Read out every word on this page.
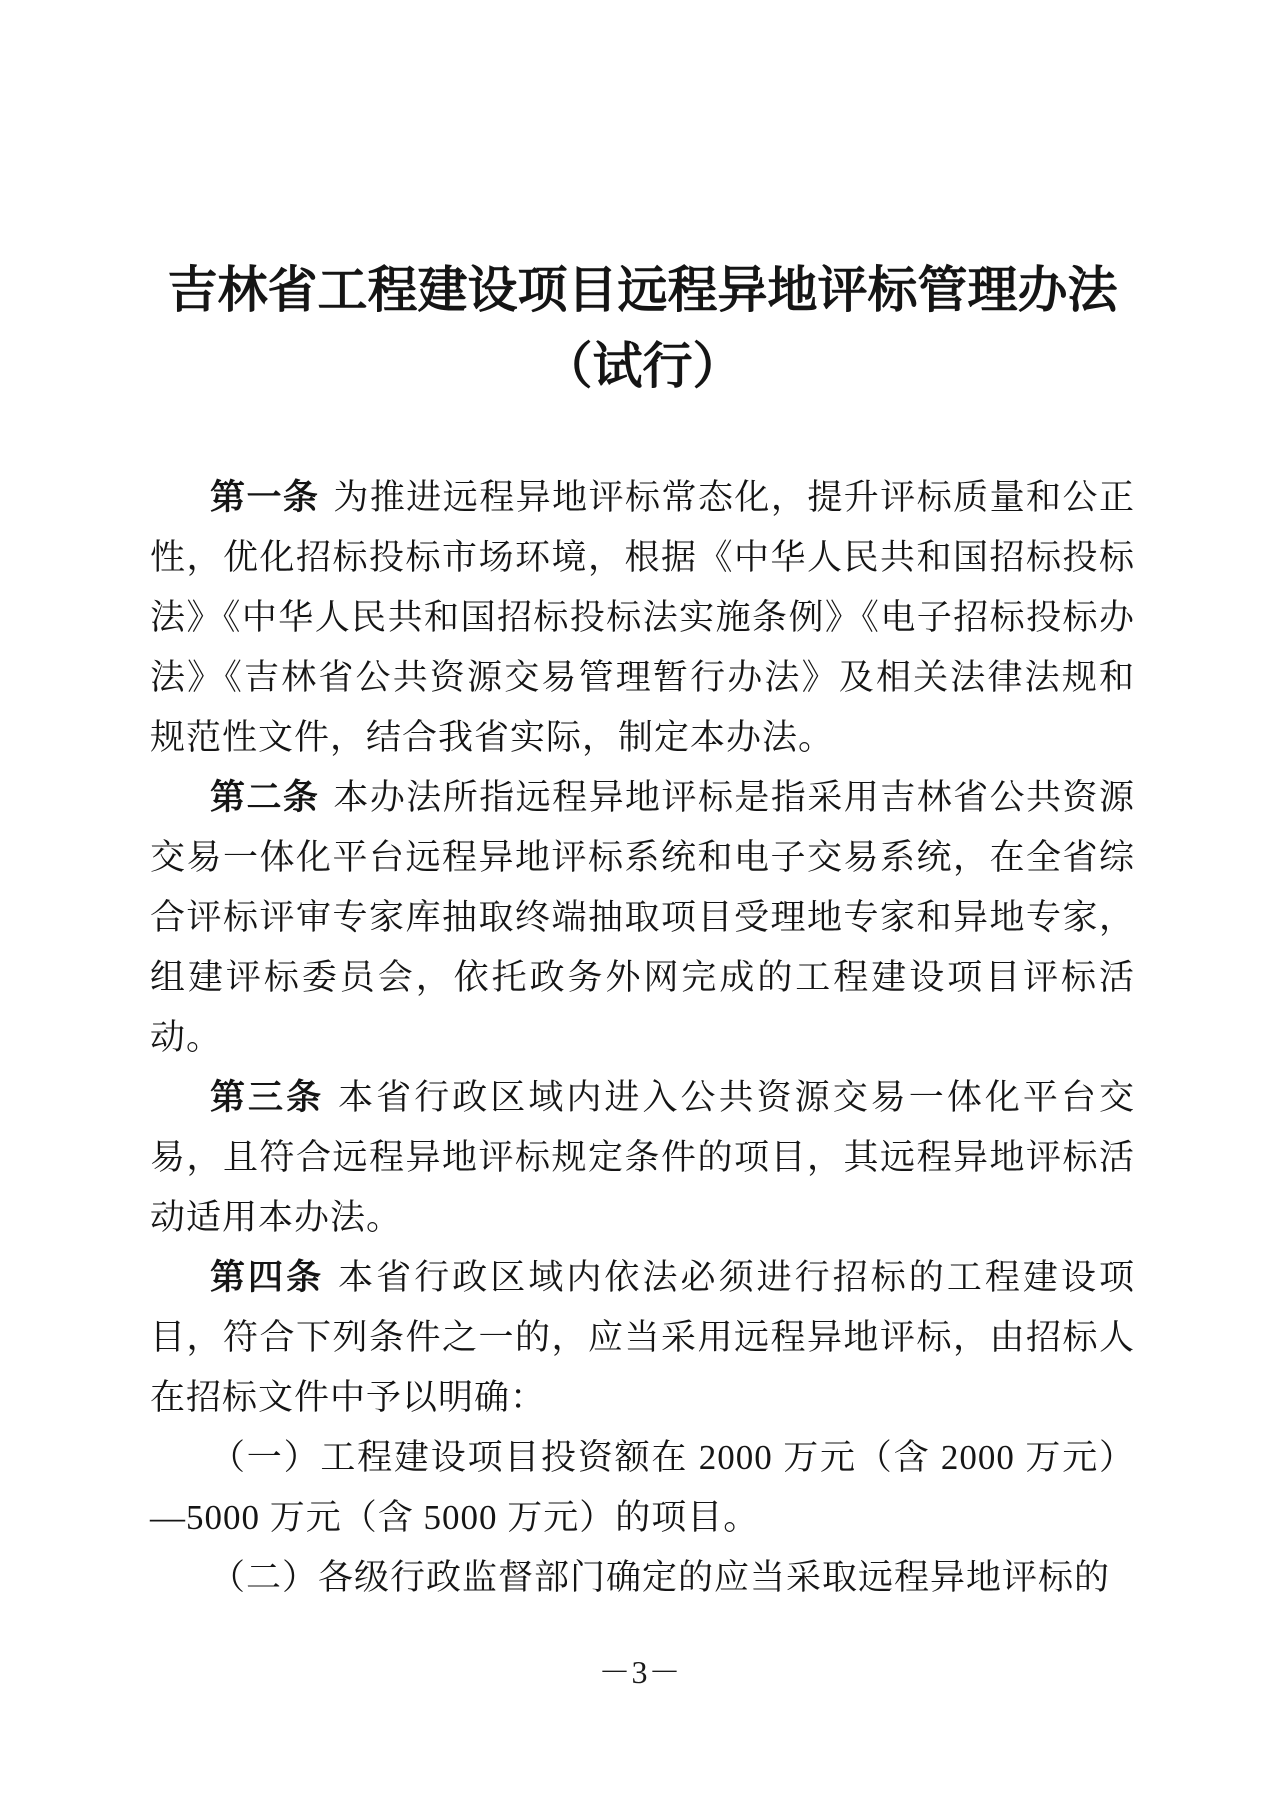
吉林省工程建设项目远程异地评标管理办法
（试行）

第一条 为推进远程异地评标常态化，提升评标质量和公正性，优化招标投标市场环境，根据《中华人民共和国招标投标法》《中华人民共和国招标投标法实施条例》《电子招标投标办法》《吉林省公共资源交易管理暂行办法》及相关法律法规和规范性文件，结合我省实际，制定本办法。

第二条 本办法所指远程异地评标是指采用吉林省公共资源交易一体化平台远程异地评标系统和电子交易系统，在全省综合评标评审专家库抽取终端抽取项目受理地专家和异地专家，组建评标委员会，依托政务外网完成的工程建设项目评标活动。

第三条 本省行政区域内进入公共资源交易一体化平台交易，且符合远程异地评标规定条件的项目，其远程异地评标活动适用本办法。

第四条 本省行政区域内依法必须进行招标的工程建设项目，符合下列条件之一的，应当采用远程异地评标，由招标人在招标文件中予以明确：

（一）工程建设项目投资额在 2000 万元（含 2000 万元）—5000 万元（含 5000 万元）的项目。

（二）各级行政监督部门确定的应当采取远程异地评标的

－3－
